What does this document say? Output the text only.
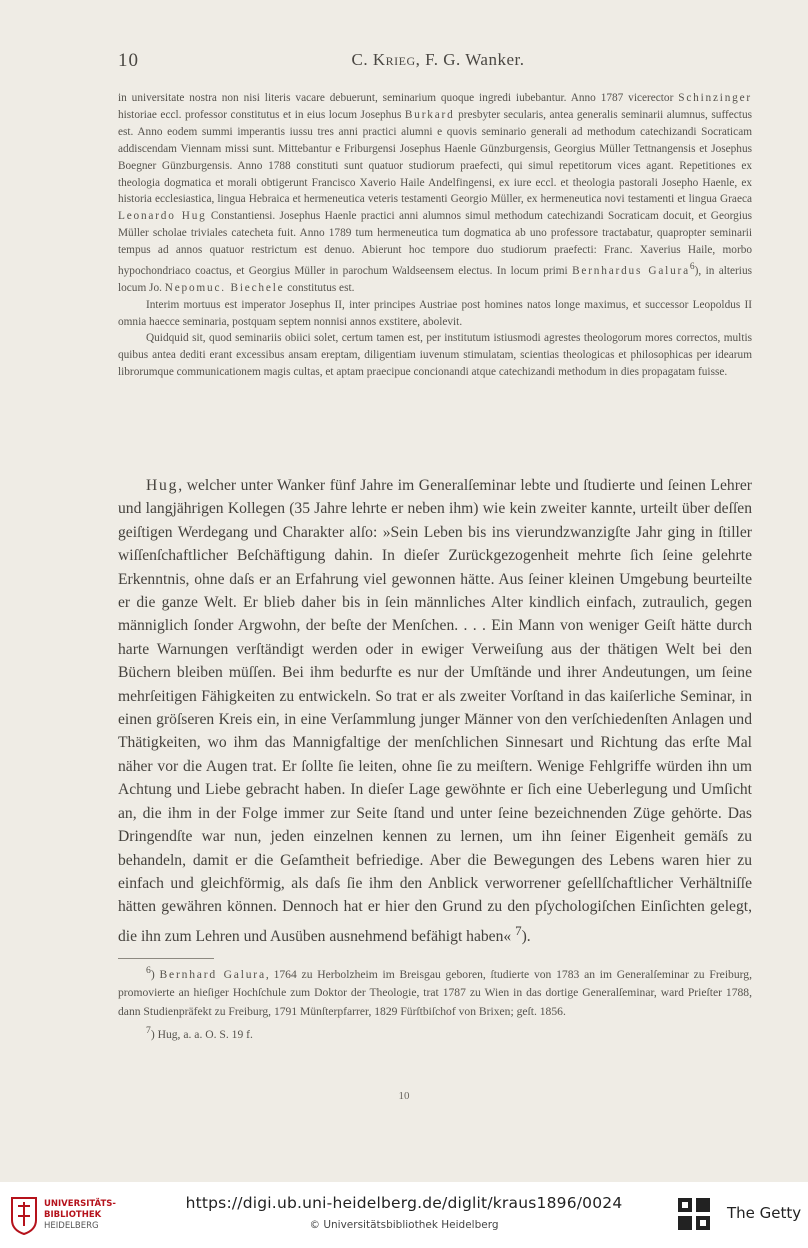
10	C. Krieg, F. G. Wanker.

in universitate nostra non nisi literis vacare debuerunt, seminarium quoque ingredi iubebantur. Anno 1787 vicerector Schinzinger historiae eccl. professor constitutus et in eius locum Josephus Burkard presbyter secularis, antea generalis seminarii alumnus, suffectus est. Anno eodem summi imperantis iussu tres anni practici alumni e quovis seminario generali ad methodum catechizandi Socraticam addiscendam Viennam missi sunt. Mittebantur e Friburgensi Josephus Haenle Günzburgensis, Georgius Müller Tettnangensis et Josephus Boegner Günzburgensis. Anno 1788 constituti sunt quatuor studiorum praefecti, qui simul repetitorum vices agant. Repetitiones ex theologia dogmatica et morali obtigerunt Francisco Xaverio Haile Andelfingensi, ex iure eccl. et theologia pastorali Josepho Haenle, ex historia ecclesiastica, lingua Hebraica et hermeneutica veteris testamenti Georgio Müller, ex hermeneutica novi testamenti et lingua Graeca Leonardo Hug Constantiensi. Josephus Haenle practici anni alumnos simul methodum catechizandi Socraticam docuit, et Georgius Müller scholae triviales catecheta fuit. Anno 1789 tum hermeneutica tum dogmatica ab uno professore tractabatur, quapropter seminarii tempus ad annos quatuor restrictum est denuo. Abierunt hoc tempore duo studiorum praefecti: Franc. Xaverius Haile, morbo hypochondriaco coactus, et Georgius Müller in parochum Waldseensem electus. In locum primi Bernhardus Galura$^6$), in alterius locum Jo. Nepomuc. Biechele constitutus est.

Interim mortuus est imperator Josephus II, inter principes Austriae post homines natos longe maximus, et successor Leopoldus II omnia haecce seminaria, postquam septem nonnisi annos exstitere, abolevit.

Quidquid sit, quod seminariis obiici solet, certum tamen est, per institutum istiusmodi agrestes theologorum mores correctos, multis quibus antea dediti erant excessibus ansam ereptam, diligentiam iuvenum stimulatam, scientias theologicas et philosophicas per idearum librorumque communicationem magis cultas, et aptam praecipue concionandi atque catechizandi methodum in dies propagatam fuisse.

Hug, welcher unter Wanker fünf Jahre im Generalſeminar lebte und ſtudierte und ſeinen Lehrer und langjährigen Kollegen (35 Jahre lehrte er neben ihm) wie kein zweiter kannte, urteilt über deſſen geiſtigen Werdegang und Charakter alſo: »Sein Leben bis ins vierundzwanzigſte Jahr ging in ſtiller wiſſenſchaftlicher Beſchäftigung dahin. In dieſer Zurückgezogenheit mehrte ſich ſeine gelehrte Erkenntnis, ohne daſs er an Erfahrung viel gewonnen hätte. Aus ſeiner kleinen Umgebung beurteilte er die ganze Welt. Er blieb daher bis in ſein männliches Alter kindlich einfach, zutraulich, gegen männiglich ſonder Argwohn, der beſte der Menſchen. . . . Ein Mann von weniger Geiſt hätte durch harte Warnungen verſtändigt werden oder in ewiger Verweiſung aus der thätigen Welt bei den Büchern bleiben müſſen. Bei ihm bedurfte es nur der Umſtände und ihrer Andeutungen, um ſeine mehrſeitigen Fähigkeiten zu entwickeln. So trat er als zweiter Vorſtand in das kaiſerliche Seminar, in einen gröſseren Kreis ein, in eine Verſammlung junger Männer von den verſchiedenſten Anlagen und Thätigkeiten, wo ihm das Mannigfaltige der menſchlichen Sinnesart und Richtung das erſte Mal näher vor die Augen trat. Er ſollte ſie leiten, ohne ſie zu meiſtern. Wenige Fehlgriffe würden ihn um Achtung und Liebe gebracht haben. In dieſer Lage gewöhnte er ſich eine Ueberlegung und Umſicht an, die ihm in der Folge immer zur Seite ſtand und unter ſeine bezeichnenden Züge gehörte. Das Dringendſte war nun, jeden einzelnen kennen zu lernen, um ihn ſeiner Eigenheit gemäſs zu behandeln, damit er die Geſamtheit befriedige. Aber die Bewegungen des Lebens waren hier zu einfach und gleichförmig, als daſs ſie ihm den Anblick verworrener geſellſchaftlicher Verhältniſſe hätten gewähren können. Dennoch hat er hier den Grund zu den pſychologiſchen Einſichten gelegt, die ihn zum Lehren und Ausüben ausnehmend befähigt haben« $^7$).

$^6$) Bernhard Galura, 1764 zu Herbolzheim im Breisgau geboren, ſtudierte von 1783 an im Generalſeminar zu Freiburg, promovierte an hieſiger Hochſchule zum Doktor der Theologie, trat 1787 zu Wien in das dortige Generalſeminar, ward Prieſter 1788, dann Studienpräfekt zu Freiburg, 1791 Münſterpfarrer, 1829 Fürſtbiſchof von Brixen; geſt. 1856.

$^7$) Hug, a. a. O. S. 19 f.

10
UNIVERSITÄTS-
BIBLIOTHEK
HEIDELBERG
https://digi.ub.uni-heidelberg.de/diglit/kraus1896/0024
© Universitätsbibliothek Heidelberg
The Getty
